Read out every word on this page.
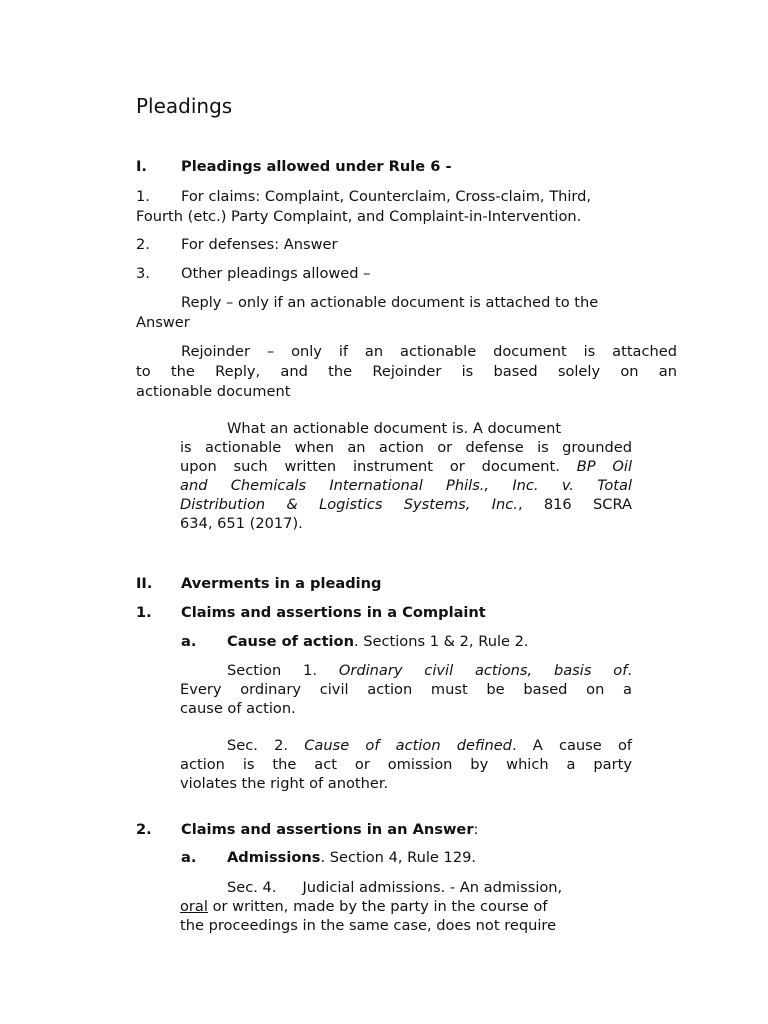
Pleadings
I. Pleadings allowed under Rule 6 -
1. For claims: Complaint, Counterclaim, Cross-claim, Third,
Fourth (etc.) Party Complaint, and Complaint-in-Intervention.
2. For defenses: Answer
3. Other pleadings allowed –
Reply – only if an actionable document is attached to the
Answer
Rejoinder – only if an actionable document is attached
to the Reply, and the Rejoinder is based solely on an
actionable document
What an actionable document is. A document
is actionable when an action or defense is grounded
upon such written instrument or document. BP Oil
and Chemicals International Phils., Inc. v. Total
Distribution & Logistics Systems, Inc., 816 SCRA
634, 651 (2017).
II. Averments in a pleading
1. Claims and assertions in a Complaint
a. Cause of action. Sections 1 & 2, Rule 2.
Section 1. Ordinary civil actions, basis of.
Every ordinary civil action must be based on a
cause of action.
Sec. 2. Cause of action defined. A cause of
action is the act or omission by which a party
violates the right of another.
2. Claims and assertions in an Answer:
a. Admissions. Section 4, Rule 129.
Sec. 4. Judicial admissions. - An admission,
oral or written, made by the party in the course of
the proceedings in the same case, does not require
